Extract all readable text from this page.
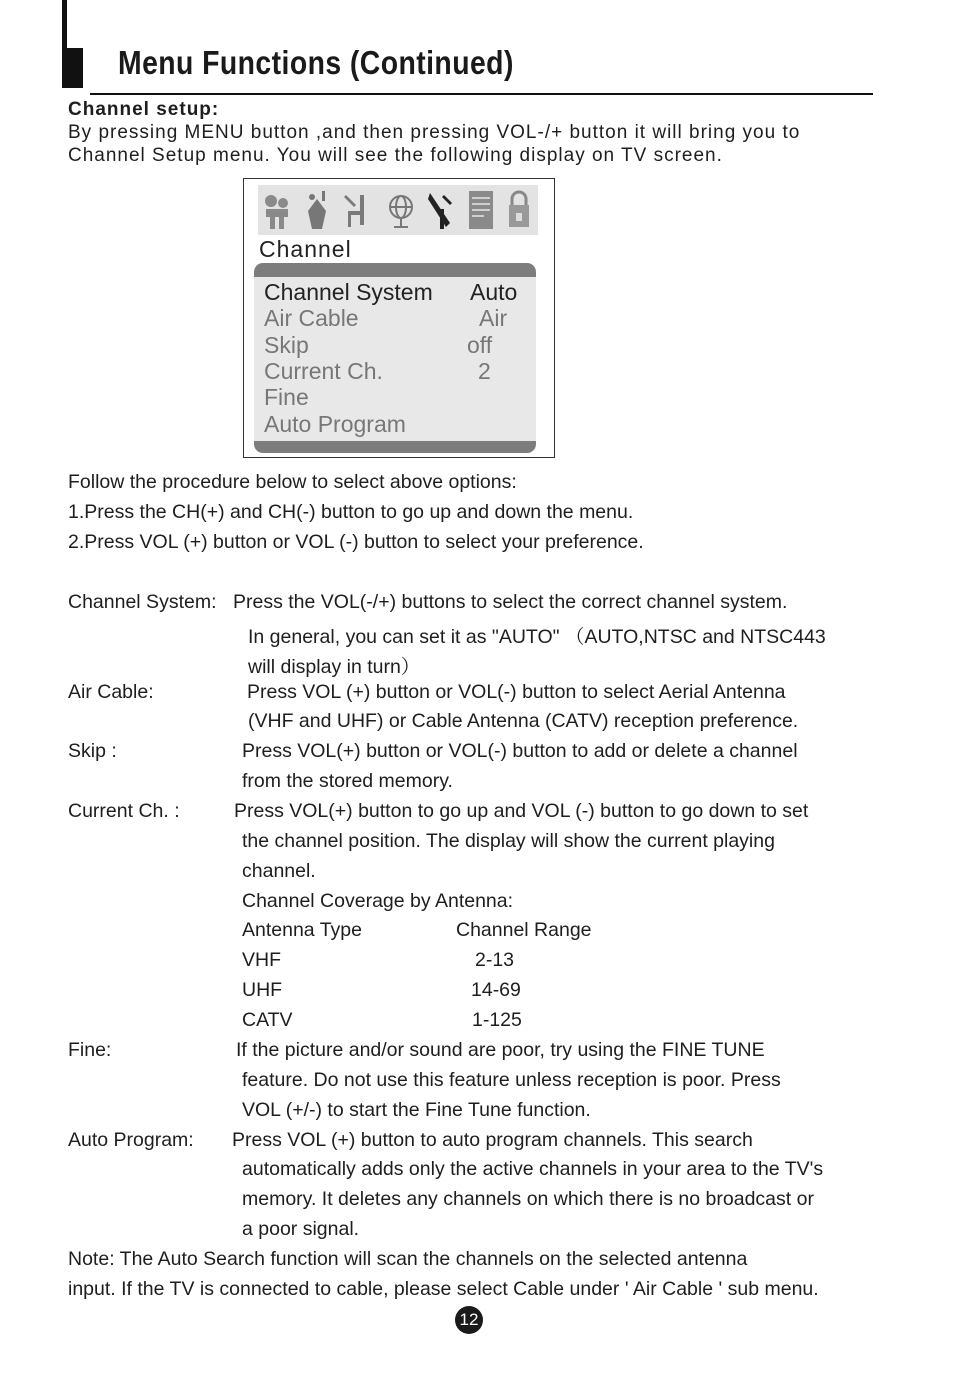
Menu Functions (Continued)
Channel setup:
By pressing MENU button ,and then pressing VOL-/+ button it will bring you to
Channel Setup menu. You will see the following display on TV screen.
Channel
Channel System Auto
Air Cable	Air
Skip	off
Current Ch.	2
Fine
Auto Program
Follow the procedure below to select above options:
1.Press the CH(+) and CH(-) button to go up and down the menu.
2.Press VOL (+) button or VOL (-) button to select your preference.
Channel System: Press the VOL(-/+) buttons to select the correct channel system.
In general, you can set it as "AUTO" （AUTO,NTSC and NTSC443
will display in turn）
Air Cable:	Press VOL (+) button or VOL(-) button to select Aerial Antenna
(VHF and UHF) or Cable Antenna (CATV) reception preference.
Skip :	Press VOL(+) button or VOL(-) button to add or delete a channel
from the stored memory.
Current Ch. :	Press VOL(+) button to go up and VOL (-) button to go down to set
the channel position. The display will show the current playing
channel.
Channel Coverage by Antenna:
Antenna Type	Channel Range
VHF	2-13
UHF	14-69
CATV	1-125
Fine:	If the picture and/or sound are poor, try using the FINE TUNE
feature. Do not use this feature unless reception is poor. Press
VOL (+/-) to start the Fine Tune function.
Auto Program: Press VOL (+) button to auto program channels. This search
automatically adds only the active channels in your area to the TV's
memory. It deletes any channels on which there is no broadcast or
a poor signal.
Note: The Auto Search function will scan the channels on the selected antenna
input. If the TV is connected to cable, please select Cable under ' Air Cable ' sub menu.
12
